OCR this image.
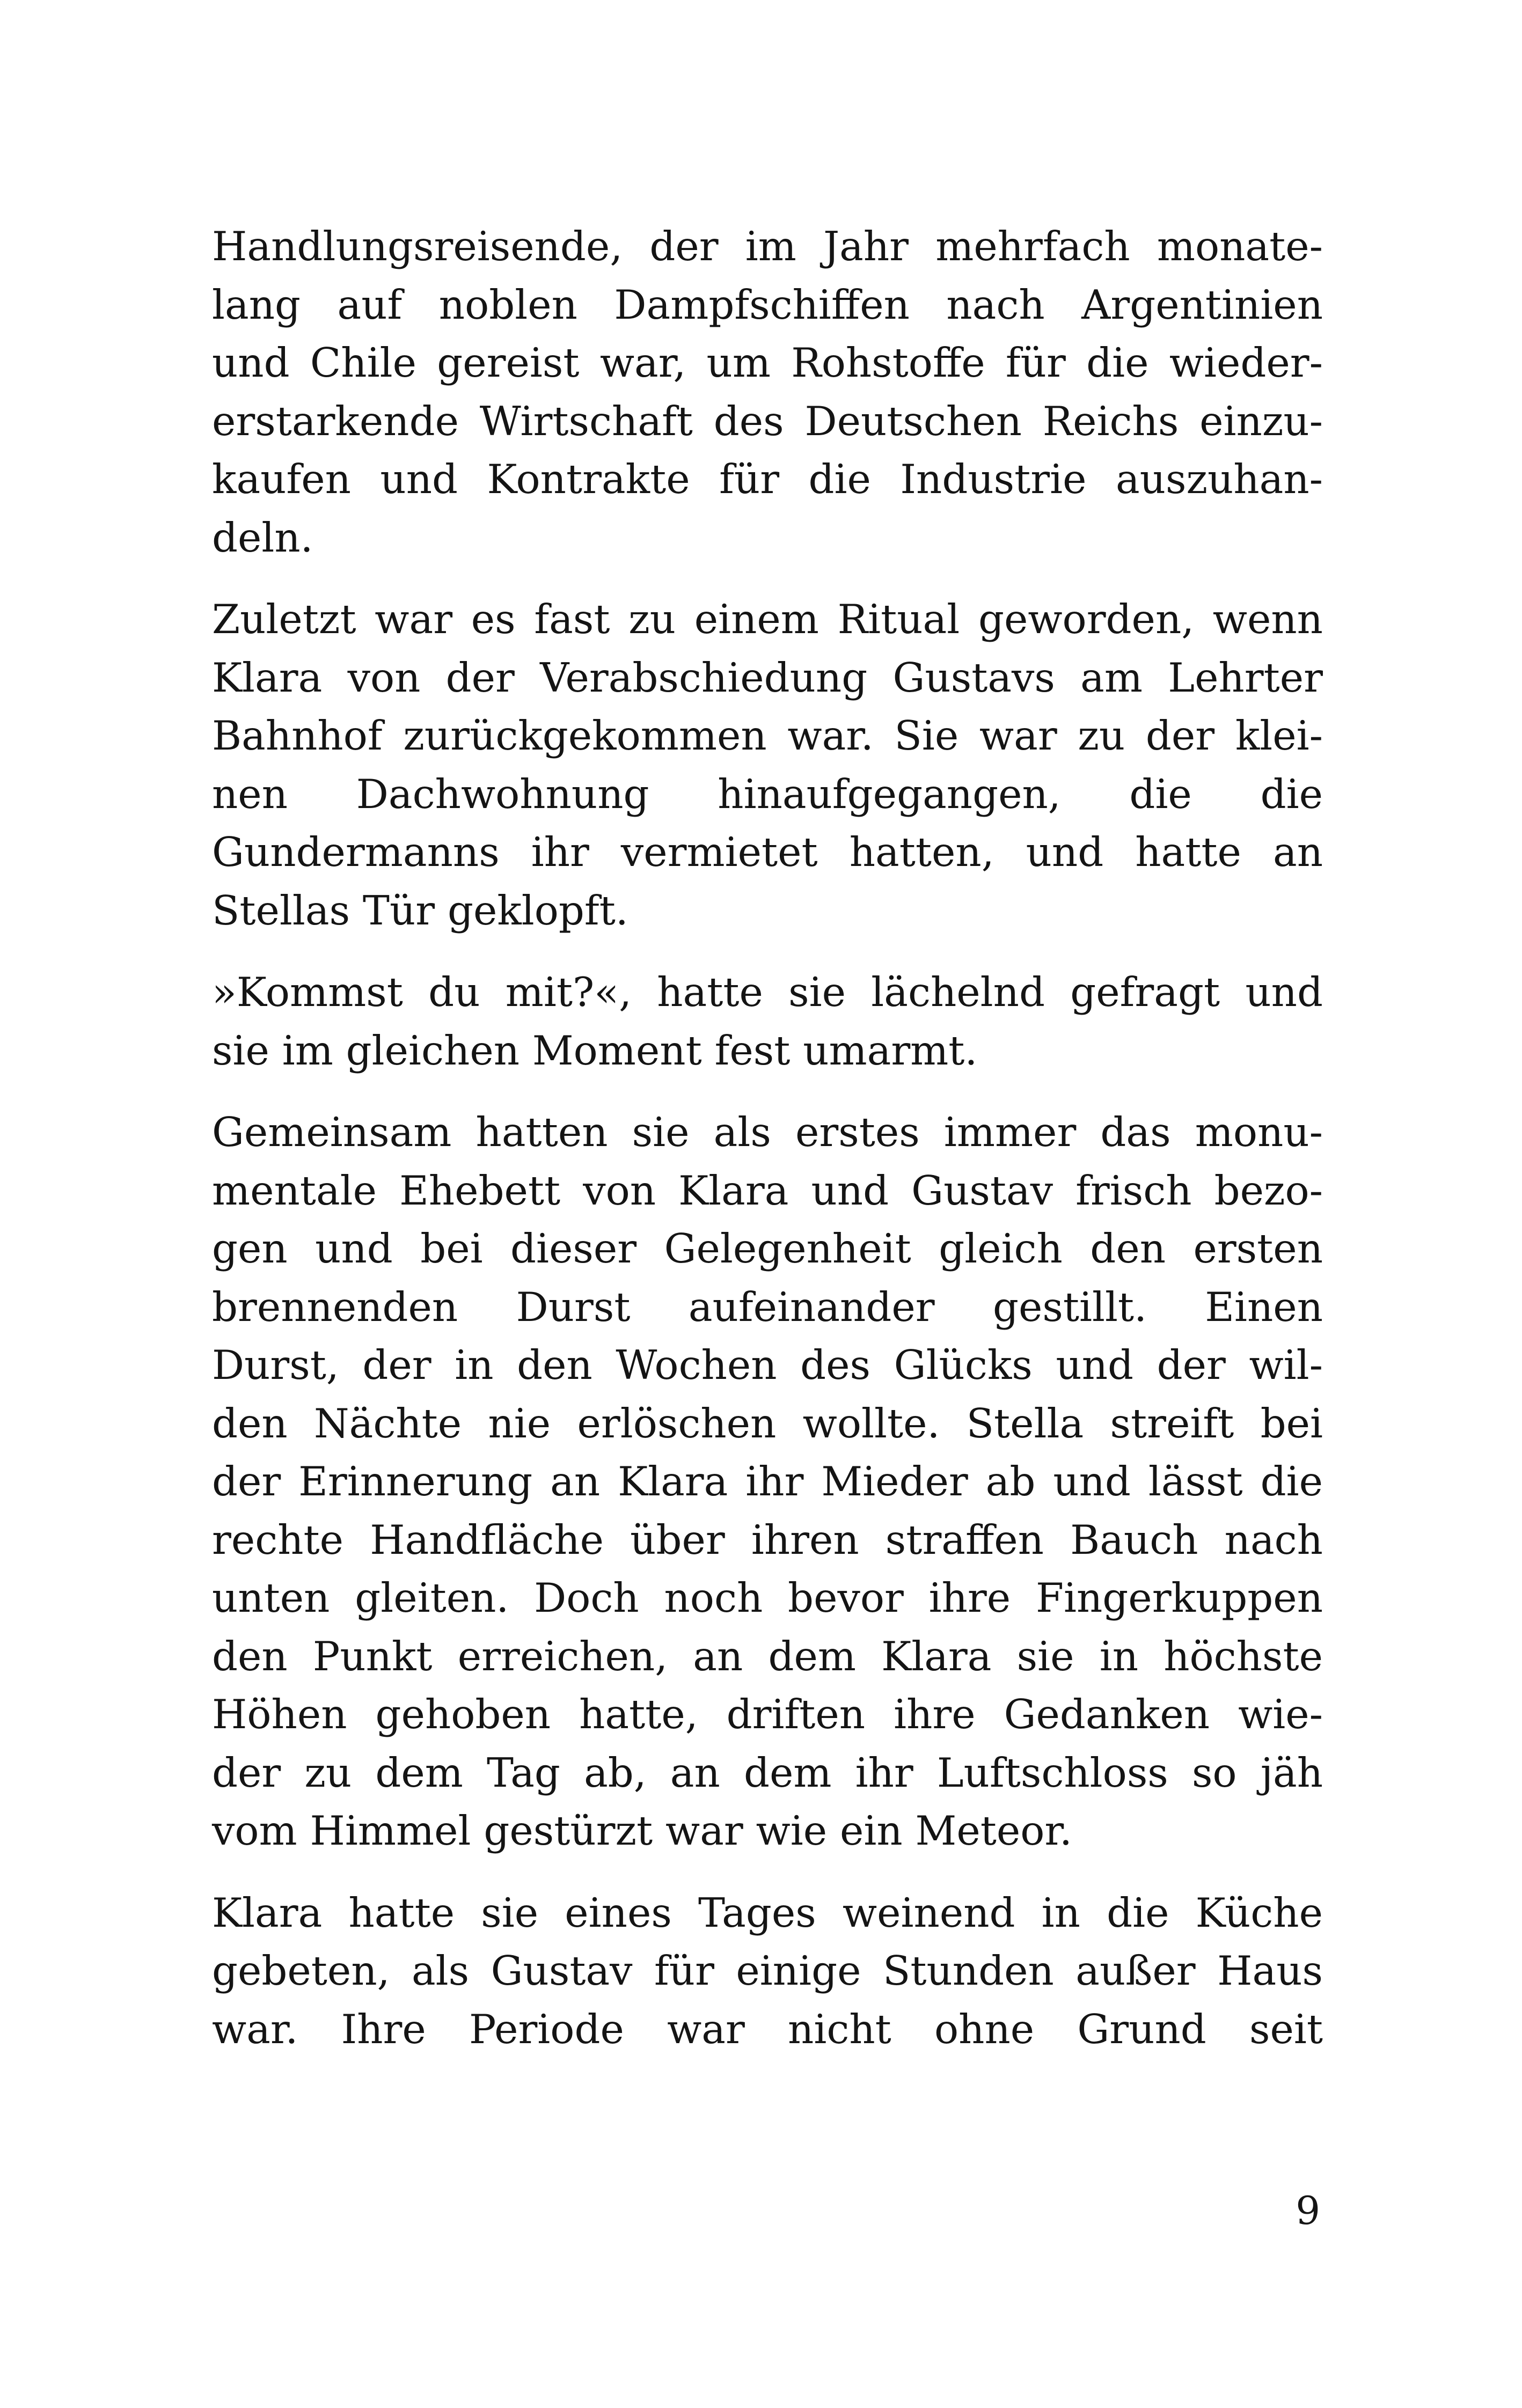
Handlungsreisende, der im Jahr mehrfach monate-
lang auf noblen Dampfschiffen nach Argentinien
und Chile gereist war, um Rohstoffe für die wieder-
erstarkende Wirtschaft des Deutschen Reichs einzu-
kaufen und Kontrakte für die Industrie auszuhan-
deln.

Zuletzt war es fast zu einem Ritual geworden, wenn
Klara von der Verabschiedung Gustavs am Lehrter
Bahnhof zurückgekommen war. Sie war zu der klei-
nen Dachwohnung hinaufgegangen, die die
Gundermanns ihr vermietet hatten, und hatte an
Stellas Tür geklopft.

»Kommst du mit?«, hatte sie lächelnd gefragt und
sie im gleichen Moment fest umarmt.

Gemeinsam hatten sie als erstes immer das monu-
mentale Ehebett von Klara und Gustav frisch bezo-
gen und bei dieser Gelegenheit gleich den ersten
brennenden Durst aufeinander gestillt. Einen
Durst, der in den Wochen des Glücks und der wil-
den Nächte nie erlöschen wollte. Stella streift bei
der Erinnerung an Klara ihr Mieder ab und lässt die
rechte Handfläche über ihren straffen Bauch nach
unten gleiten. Doch noch bevor ihre Fingerkuppen
den Punkt erreichen, an dem Klara sie in höchste
Höhen gehoben hatte, driften ihre Gedanken wie-
der zu dem Tag ab, an dem ihr Luftschloss so jäh
vom Himmel gestürzt war wie ein Meteor.

Klara hatte sie eines Tages weinend in die Küche
gebeten, als Gustav für einige Stunden außer Haus
war. Ihre Periode war nicht ohne Grund seit

9
